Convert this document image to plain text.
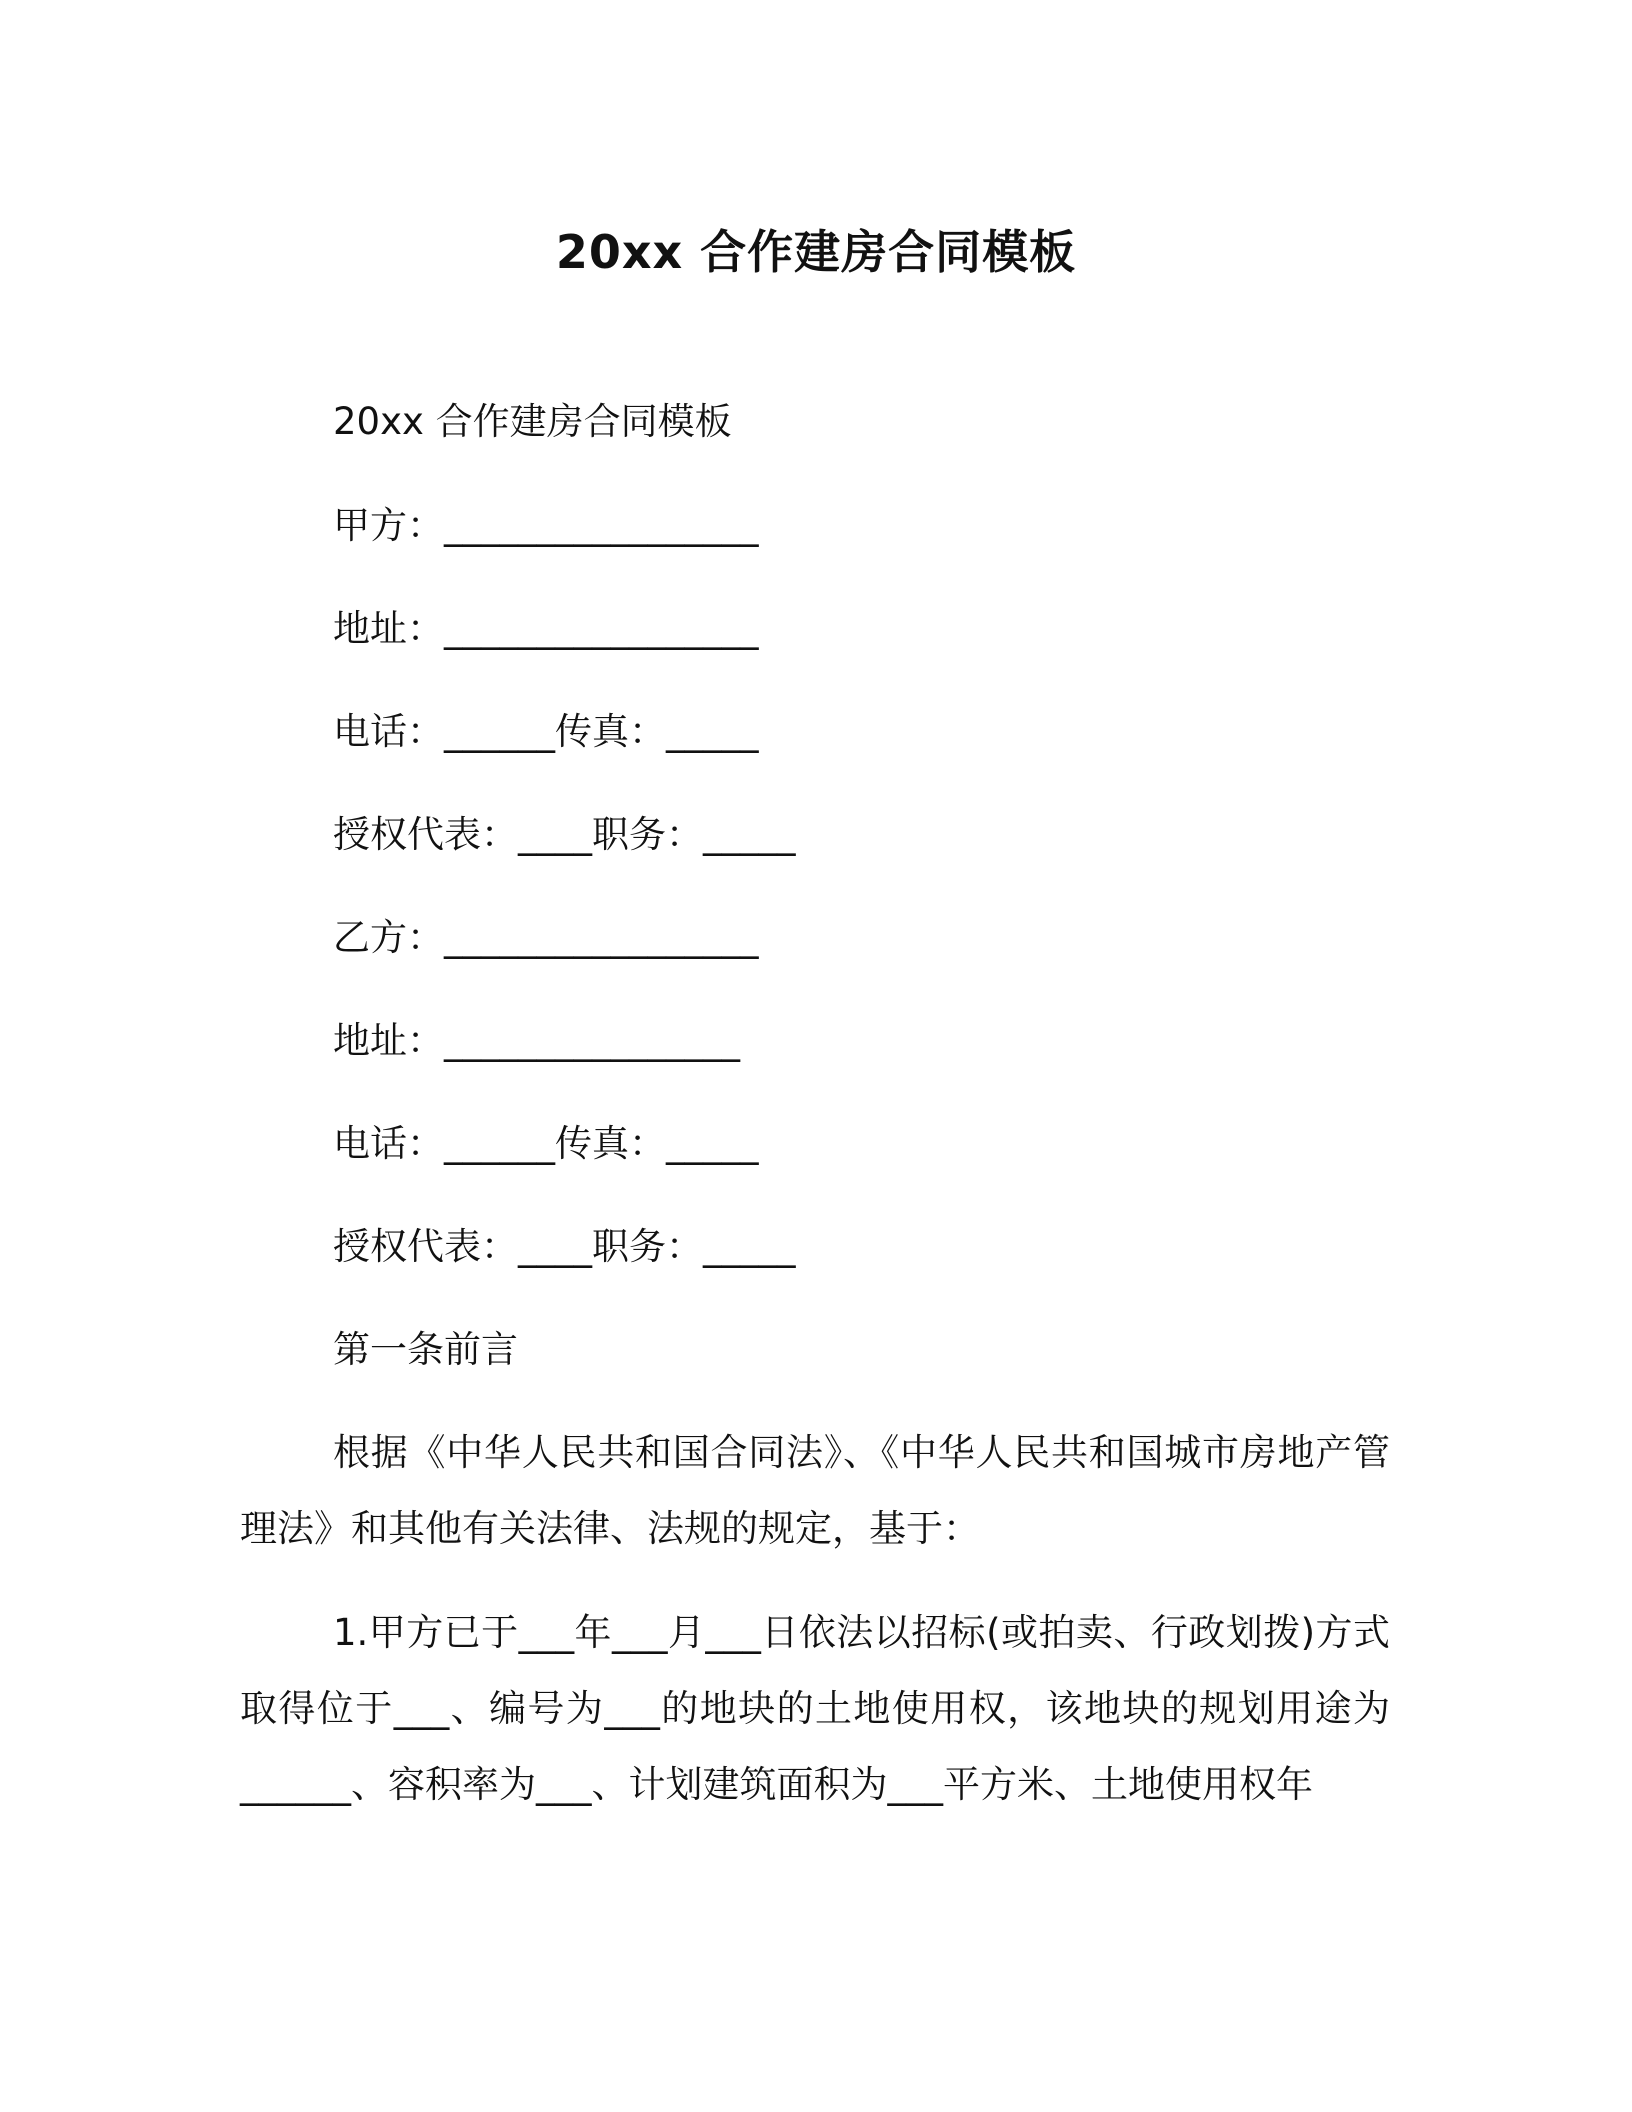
20xx 合作建房合同模板
20xx 合作建房合同模板
甲方：_________________
地址：_________________
电话：______传真：_____
授权代表：____职务：_____
乙方：_________________
地址：________________
电话：______传真：_____
授权代表：____职务：_____
第一条前言
根据《中华人民共和国合同法》、《中华人民共和国城市房地产管理法》和其他有关法律、法规的规定，基于：
1.甲方已于___年___月___日依法以招标(或拍卖、行政划拨)方式取得位于___、编号为___的地块的土地使用权，该地块的规划用途为______、容积率为___、计划建筑面积为___平方米、土地使用权年
